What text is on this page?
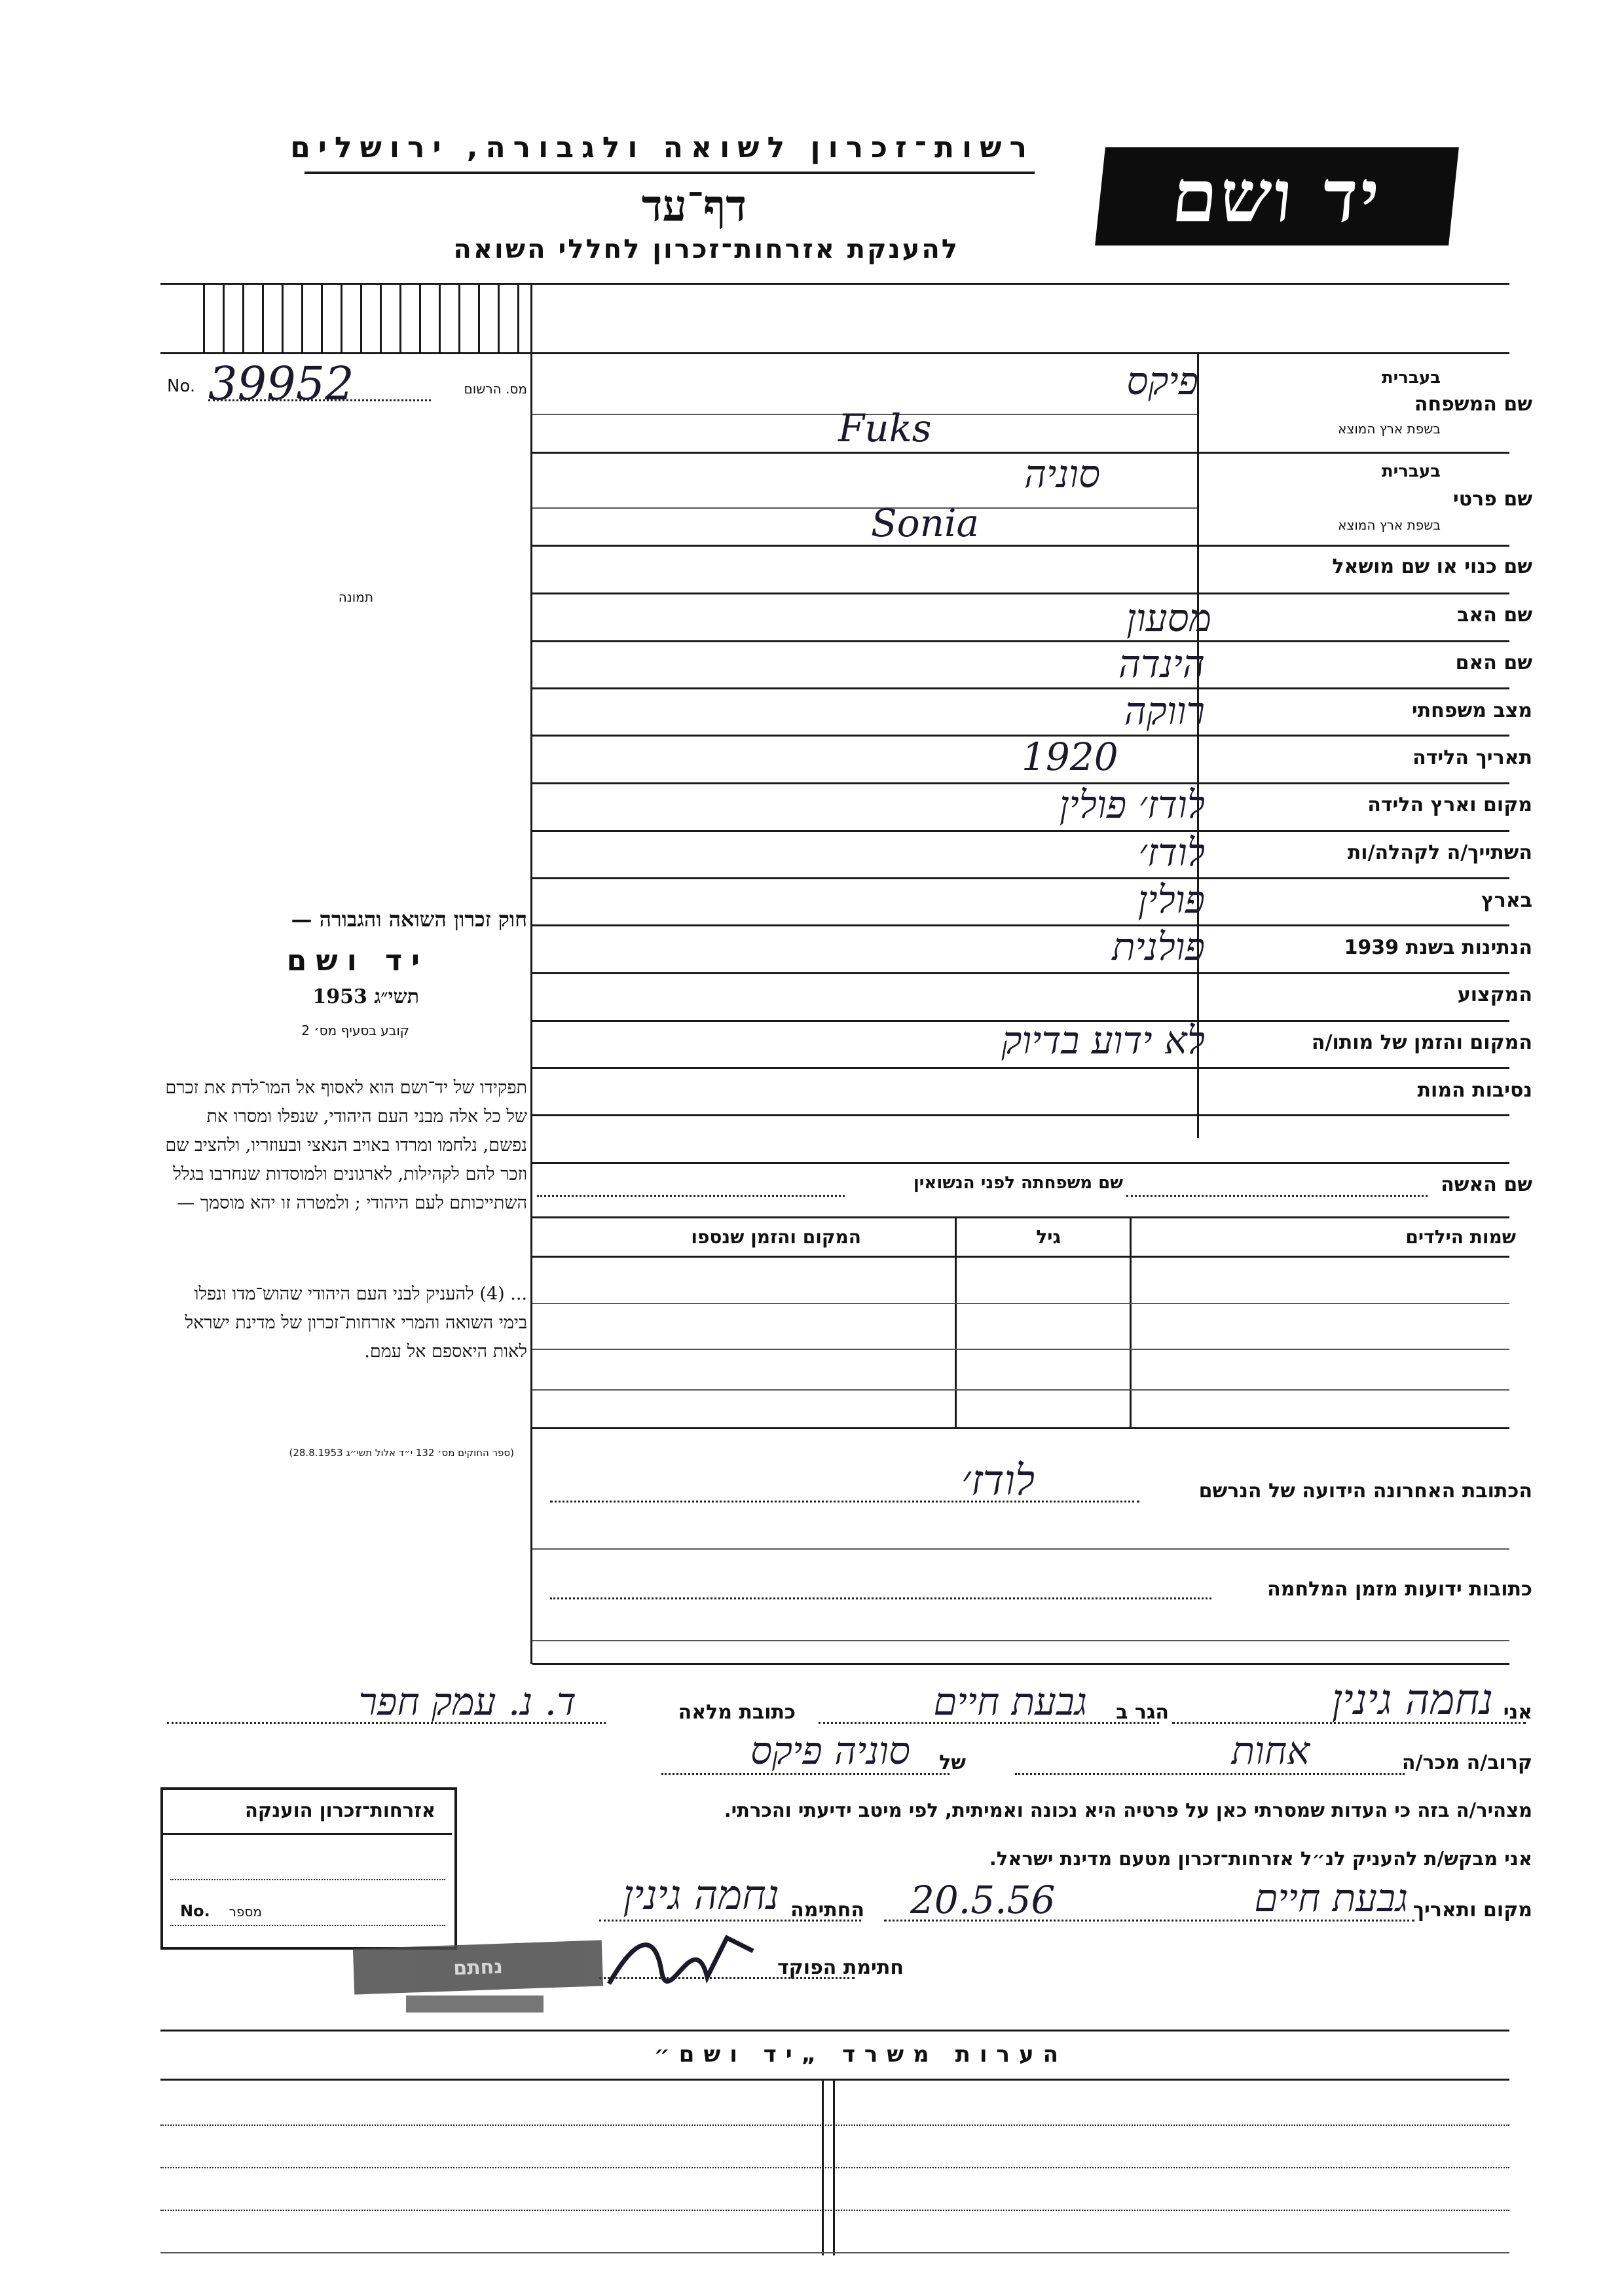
רשות־זכרון לשואה ולגבורה, ירושלים
דף־עד
להענקת אזרחות־זכרון לחללי השואה
יד ושם
No. 39952	מס. הרשום
תמונה
חוק זכרון השואה והגבורה —
יד ושם
תשי״ג 1953
קובע בסעיף מס׳ 2
תפקידו של יד־ושם הוא לאסוף אל המו־לדת את זכרם של כל אלה מבני העם היהודי, שנפלו ומסרו את נפשם, נלחמו ומרדו באויב הנאצי ובעוזריו, ולהציב שם וזכר להם לקהילות, לארגונים ולמוסדות שנחרבו בגלל השתייכותם לעם היהודי ; ולמטרה זו יהא מוסמך —
... (4) להעניק לבני העם היהודי שהוש־מדו ונפלו בימי השואה והמרי אזרחות־זכרון של מדינת ישראל לאות היאספם אל עמם.
(ספר החוקים מס׳ 132 י״ד אלול תשי״ג 28.8.1953)
שם המשפחה
בעברית
בשפת ארץ המוצא
פיקס
Fuks
שם פרטי
בעברית
בשפת ארץ המוצא
סוניה
Sonia
שם כנוי או שם מושאל
שם האב
מסעון
שם האם
הינדה
מצב משפחתי
רווקה
תאריך הלידה
1920
מקום וארץ הלידה
לודז׳ פולין
השתייך/ה לקהלה/ות
לודז׳
בארץ
פולין
הנתינות בשנת 1939
פולנית
המקצוע
המקום והזמן של מותו/ה
לא ידוע בדיוק
נסיבות המות
שם האשה
שם משפחתה לפני הנשואין
שמות הילדים
גיל
המקום והזמן שנספו
הכתובת האחרונה הידועה של הנרשם
לודז׳
כתובות ידועות מזמן המלחמה
אני
נחמה גינין
הגר ב
גבעת חיים
כתובת מלאה
ד. נ. עמק חפר
קרוב/ה מכר/ה
אחות
של
סוניה פיקס
מצהיר/ה בזה כי העדות שמסרתי כאן על פרטיה היא נכונה ואמיתית, לפי מיטב ידיעתי והכרתי.
אני מבקש/ת להעניק לנ״ל אזרחות־זכרון מטעם מדינת ישראל.
מקום ותאריך
גבעת חיים
20.5.56
החתימה
נחמה גינין
חתימת הפוקד
אזרחות־זכרון הוענקה
No. מספר
נחתם
הערות משרד „יד ושם״
